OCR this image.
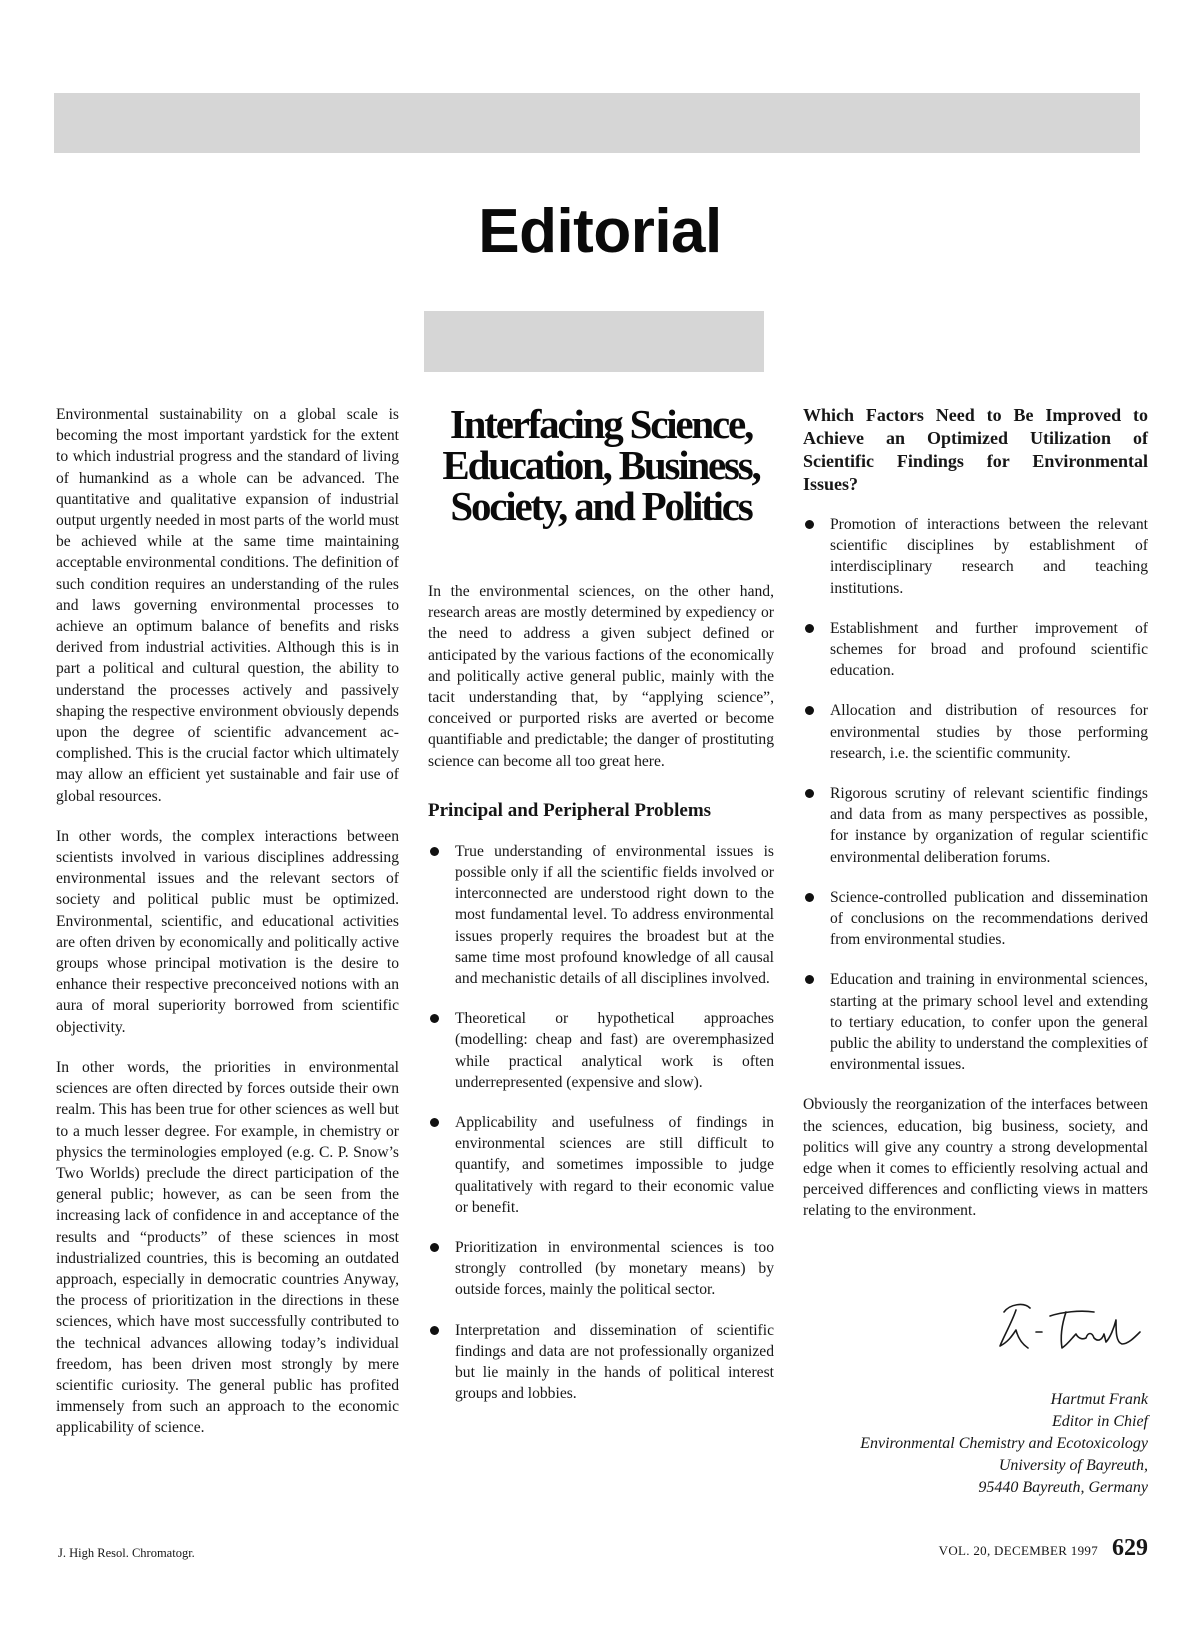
Editorial

Environmental sustainability on a global scale is becoming the most important yardstick for the extent to which industrial progress and the standard of living of humankind as a whole can be advanced. The quantitative and qualitative expansion of industrial output urgently needed in most parts of the world must be achieved while at the same time maintaining acceptable environmental conditions. The definition of such condition requires an understanding of the rules and laws governing environmental processes to achieve an optimum balance of benefits and risks derived from industrial activities. Although this is in part a political and cultural question, the ability to understand the processes actively and passively shaping the respective environment obviously depends upon the degree of scientific advancement accomplished. This is the crucial factor which ultimately may allow an efficient yet sustainable and fair use of global resources.

In other words, the complex interactions between scientists involved in various disciplines addressing environmental issues and the relevant sectors of society and political public must be optimized. Environmental, scientific, and educational activities are often driven by economically and politically active groups whose principal motivation is the desire to enhance their respective preconceived notions with an aura of moral superiority borrowed from scientific objectivity.

In other words, the priorities in environmental sciences are often directed by forces outside their own realm. This has been true for other sciences as well but to a much lesser degree. For example, in chemistry or physics the terminologies employed (e.g. C. P. Snow’s Two Worlds) preclude the direct participation of the general public; however, as can be seen from the increasing lack of confidence in and acceptance of the results and “products” of these sciences in most industrialized countries, this is becoming an outdated approach, especially in democratic countries Anyway, the process of prioritization in the directions in these sciences, which have most successfully contributed to the technical advances allowing today’s individual freedom, has been driven most strongly by mere scientific curiosity. The general public has profited immensely from such an approach to the economic applicability of science.

Interfacing Science, Education, Business, Society, and Politics

In the environmental sciences, on the other hand, research areas are mostly determined by expediency or the need to address a given subject defined or anticipated by the various factions of the economically and politically active general public, mainly with the tacit understanding that, by “applying science”, conceived or purported risks are averted or become quantifiable and predictable; the danger of prostituting science can become all too great here.

Principal and Peripheral Problems
True understanding of environmental issues is possible only if all the scientific fields involved or interconnected are understood right down to the most fundamental level. To address environmental issues properly requires the broadest but at the same time most profound knowledge of all causal and mechanistic details of all disciplines involved.
Theoretical or hypothetical approaches (modelling: cheap and fast) are overemphasized while practical analytical work is often underrepresented (expensive and slow).
Applicability and usefulness of findings in environmental sciences are still difficult to quantify, and sometimes impossible to judge qualitatively with regard to their economic value or benefit.
Prioritization in environmental sciences is too strongly controlled (by monetary means) by outside forces, mainly the political sector.
Interpretation and dissemination of scientific findings and data are not professionally organized but lie mainly in the hands of political interest groups and lobbies.
Which Factors Need to Be Improved to Achieve an Optimized Utilization of Scientific Findings for Environmental Issues?
Promotion of interactions between the relevant scientific disciplines by establishment of interdisciplinary research and teaching institutions.
Establishment and further improvement of schemes for broad and profound scientific education.
Allocation and distribution of resources for environmental studies by those performing research, i.e. the scientific community.
Rigorous scrutiny of relevant scientific findings and data from as many perspectives as possible, for instance by organization of regular scientific environmental deliberation forums.
Science-controlled publication and dissemination of conclusions on the recommendations derived from environmental studies.
Education and training in environmental sciences, starting at the primary school level and extending to tertiary education, to confer upon the general public the ability to understand the complexities of environmental issues.

Obviously the reorganization of the interfaces between the sciences, education, big business, society, and politics will give any country a strong developmental edge when it comes to efficiently resolving actual and perceived differences and conflicting views in matters relating to the environment.

Hartmut Frank
Editor in Chief
Environmental Chemistry and Ecotoxicology
University of Bayreuth,
95440 Bayreuth, Germany
J. High Resol. Chromatogr.	VOL. 20, DECEMBER 1997 629
